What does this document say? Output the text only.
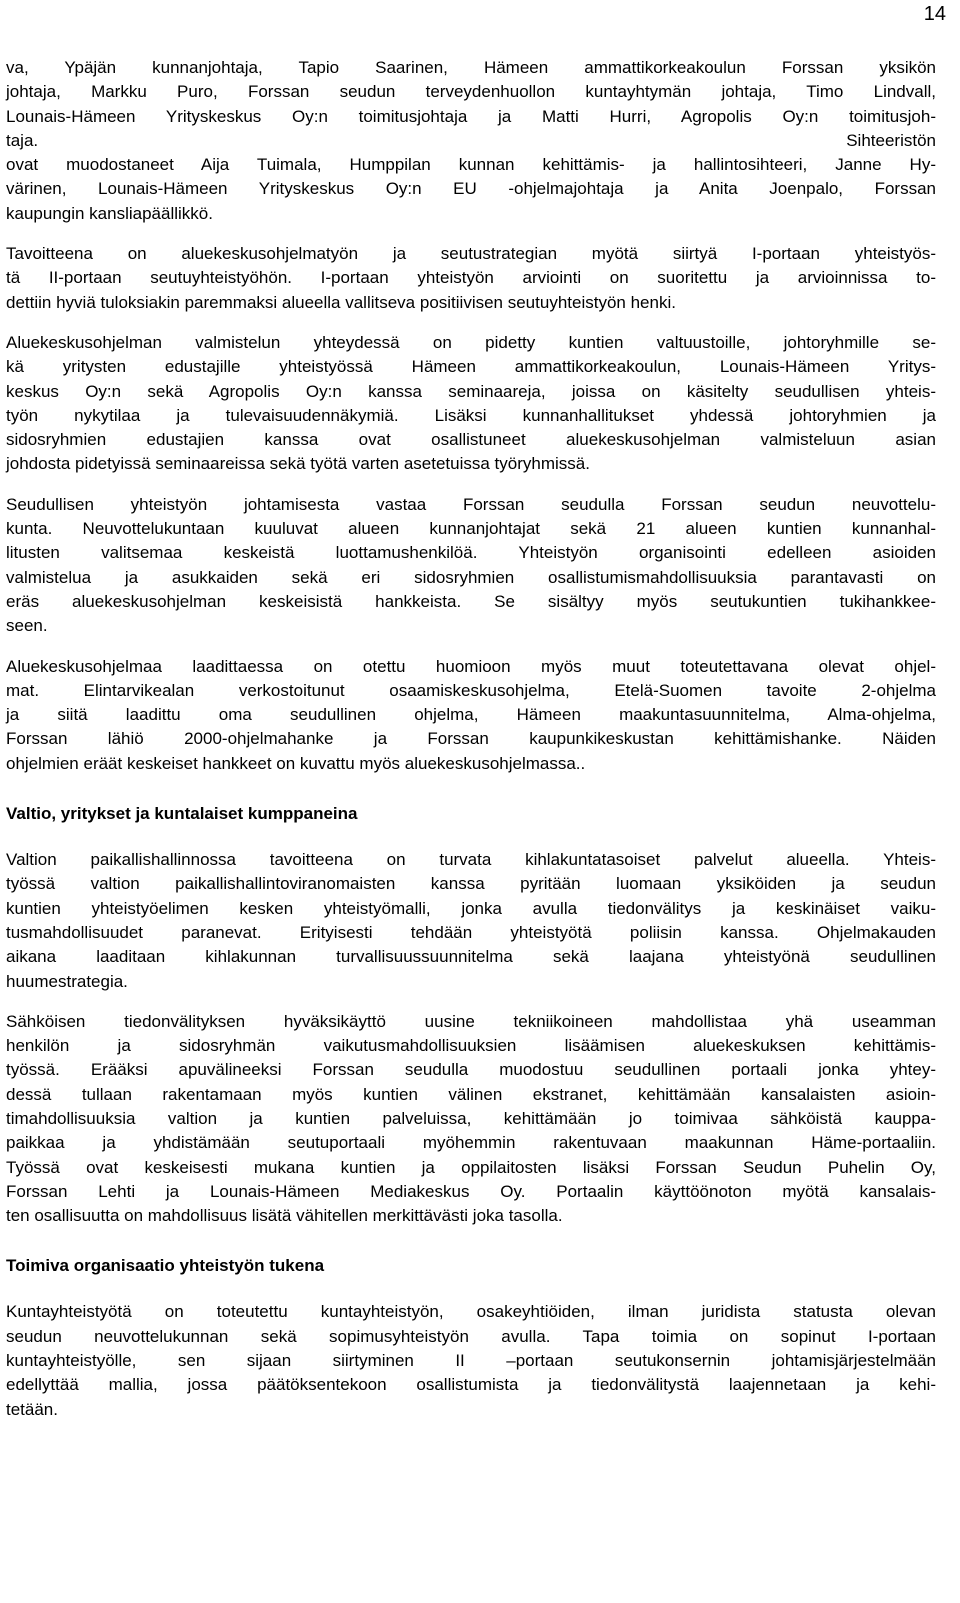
14
va, Ypäjän kunnanjohtaja, Tapio Saarinen, Hämeen ammattikorkeakoulun Forssan yksikön
johtaja, Markku Puro, Forssan seudun terveydenhuollon kuntayhtymän johtaja, Timo Lindvall,
Lounais-Hämeen Yrityskeskus Oy:n toimitusjohtaja ja Matti Hurri, Agropolis Oy:n toimitusjoh-
taja. Sihteeristön
ovat muodostaneet Aija Tuimala, Humppilan kunnan kehittämis- ja hallintosihteeri, Janne Hy-
värinen, Lounais-Hämeen Yrityskeskus Oy:n EU -ohjelmajohtaja ja Anita Joenpalo, Forssan
kaupungin kansliapäällikkö.
Tavoitteena on aluekeskusohjelmatyön ja seutustrategian myötä siirtyä I-portaan yhteistyös-
tä II-portaan seutuyhteistyöhön. I-portaan yhteistyön arviointi on suoritettu ja arvioinnissa to-
dettiin hyviä tuloksiakin paremmaksi alueella vallitseva positiivisen seutuyhteistyön henki.
Aluekeskusohjelman valmistelun yhteydessä on pidetty kuntien valtuustoille, johtoryhmille se-
kä yritysten edustajille yhteistyössä Hämeen ammattikorkeakoulun, Lounais-Hämeen Yritys-
keskus Oy:n sekä Agropolis Oy:n kanssa seminaareja, joissa on käsitelty seudullisen yhteis-
työn nykytilaa ja tulevaisuudennäkymiä. Lisäksi kunnanhallitukset yhdessä johtoryhmien ja
sidosryhmien edustajien kanssa ovat osallistuneet aluekeskusohjelman valmisteluun asian
johdosta pidetyissä seminaareissa sekä työtä varten asetetuissa työryhmissä.
Seudullisen yhteistyön johtamisesta vastaa Forssan seudulla Forssan seudun neuvottelu-
kunta. Neuvottelukuntaan kuuluvat alueen kunnanjohtajat sekä 21 alueen kuntien kunnanhal-
litusten valitsemaa keskeistä luottamushenkilöä. Yhteistyön organisointi edelleen asioiden
valmistelua ja asukkaiden sekä eri sidosryhmien osallistumismahdollisuuksia parantavasti on
eräs aluekeskusohjelman keskeisistä hankkeista. Se sisältyy myös seutukuntien tukihankkee-
seen.
Aluekeskusohjelmaa laadittaessa on otettu huomioon myös muut toteutettavana olevat ohjel-
mat. Elintarvikealan verkostoitunut osaamiskeskusohjelma, Etelä-Suomen tavoite 2-ohjelma
ja siitä laadittu oma seudullinen ohjelma, Hämeen maakuntasuunnitelma, Alma-ohjelma,
Forssan lähiö 2000-ohjelmahanke ja Forssan kaupunkikeskustan kehittämishanke. Näiden
ohjelmien eräät keskeiset hankkeet on kuvattu myös aluekeskusohjelmassa..
Valtio, yritykset ja kuntalaiset kumppaneina
Valtion paikallishallinnossa tavoitteena on turvata kihlakuntatasoiset palvelut alueella. Yhteis-
työssä valtion paikallishallintoviranomaisten kanssa pyritään luomaan yksiköiden ja seudun
kuntien yhteistyöelimen kesken yhteistyömalli, jonka avulla tiedonvälitys ja keskinäiset vaiku-
tusmahdollisuudet paranevat. Erityisesti tehdään yhteistyötä poliisin kanssa. Ohjelmakauden
aikana laaditaan kihlakunnan turvallisuussuunnitelma sekä laajana yhteistyönä seudullinen
huumestrategia.
Sähköisen tiedonvälityksen hyväksikäyttö uusine tekniikoineen mahdollistaa yhä useamman
henkilön ja sidosryhmän vaikutusmahdollisuuksien lisäämisen aluekeskuksen kehittämis-
työssä. Erääksi apuvälineeksi Forssan seudulla muodostuu seudullinen portaali jonka yhtey-
dessä tullaan rakentamaan myös kuntien välinen ekstranet, kehittämään kansalaisten asioin-
timahdollisuuksia valtion ja kuntien palveluissa, kehittämään jo toimivaa sähköistä kauppa-
paikkaa ja yhdistämään seutuportaali myöhemmin rakentuvaan maakunnan Häme-portaaliin.
Työssä ovat keskeisesti mukana kuntien ja oppilaitosten lisäksi Forssan Seudun Puhelin Oy,
Forssan Lehti ja Lounais-Hämeen Mediakeskus Oy. Portaalin käyttöönoton myötä kansalais-
ten osallisuutta on mahdollisuus lisätä vähitellen merkittävästi joka tasolla.
Toimiva organisaatio yhteistyön tukena
Kuntayhteistyötä on toteutettu kuntayhteistyön, osakeyhtiöiden, ilman juridista statusta olevan
seudun neuvottelukunnan sekä sopimusyhteistyön avulla. Tapa toimia on sopinut I-portaan
kuntayhteistyölle, sen sijaan siirtyminen II –portaan seutukonsernin johtamisjärjestelmään
edellyttää mallia, jossa päätöksentekoon osallistumista ja tiedonvälitystä laajennetaan ja kehi-
tetään.
